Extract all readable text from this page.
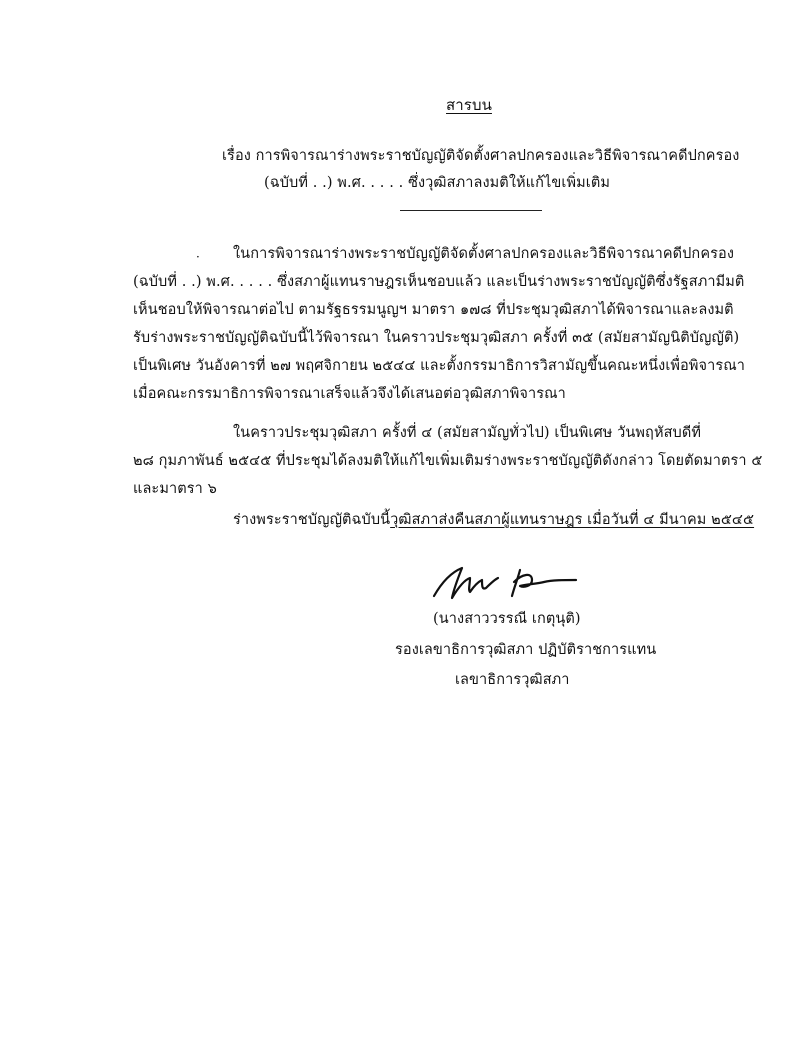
สารบน
เรื่อง การพิจารณาร่างพระราชบัญญัติจัดตั้งศาลปกครองและวิธีพิจารณาคดีปกครอง
(ฉบับที่ . .) พ.ศ. . . . . ซึ่งวุฒิสภาลงมติให้แก้ไขเพิ่มเติม
· ในการพิจารณาร่างพระราชบัญญัติจัดตั้งศาลปกครองและวิธีพิจารณาคดีปกครอง
(ฉบับที่ . .) พ.ศ. . . . . ซึ่งสภาผู้แทนราษฎรเห็นชอบแล้ว และเป็นร่างพระราชบัญญัติซึ่งรัฐสภามีมติ
เห็นชอบให้พิจารณาต่อไป ตามรัฐธรรมนูญฯ มาตรา ๑๗๘ ที่ประชุมวุฒิสภาได้พิจารณาและลงมติ
รับร่างพระราชบัญญัติฉบับนี้ไว้พิจารณา ในคราวประชุมวุฒิสภา ครั้งที่ ๓๕ (สมัยสามัญนิติบัญญัติ)
เป็นพิเศษ วันอังคารที่ ๒๗ พฤศจิกายน ๒๕๔๔ และตั้งกรรมาธิการวิสามัญขึ้นคณะหนึ่งเพื่อพิจารณา
เมื่อคณะกรรมาธิการพิจารณาเสร็จแล้วจึงได้เสนอต่อวุฒิสภาพิจารณา
ในคราวประชุมวุฒิสภา ครั้งที่ ๔ (สมัยสามัญทั่วไป) เป็นพิเศษ วันพฤหัสบดีที่
๒๘ กุมภาพันธ์ ๒๕๔๕ ที่ประชุมได้ลงมติให้แก้ไขเพิ่มเติมร่างพระราชบัญญัติดังกล่าว โดยตัดมาตรา ๕
และมาตรา ๖
ร่างพระราชบัญญัติฉบับนี้วุฒิสภาส่งคืนสภาผู้แทนราษฎร เมื่อวันที่ ๔ มีนาคม ๒๕๔๕
(นางสาววรรณี เกตุนุติ)
รองเลขาธิการวุฒิสภา ปฏิบัติราชการแทน
เลขาธิการวุฒิสภา
